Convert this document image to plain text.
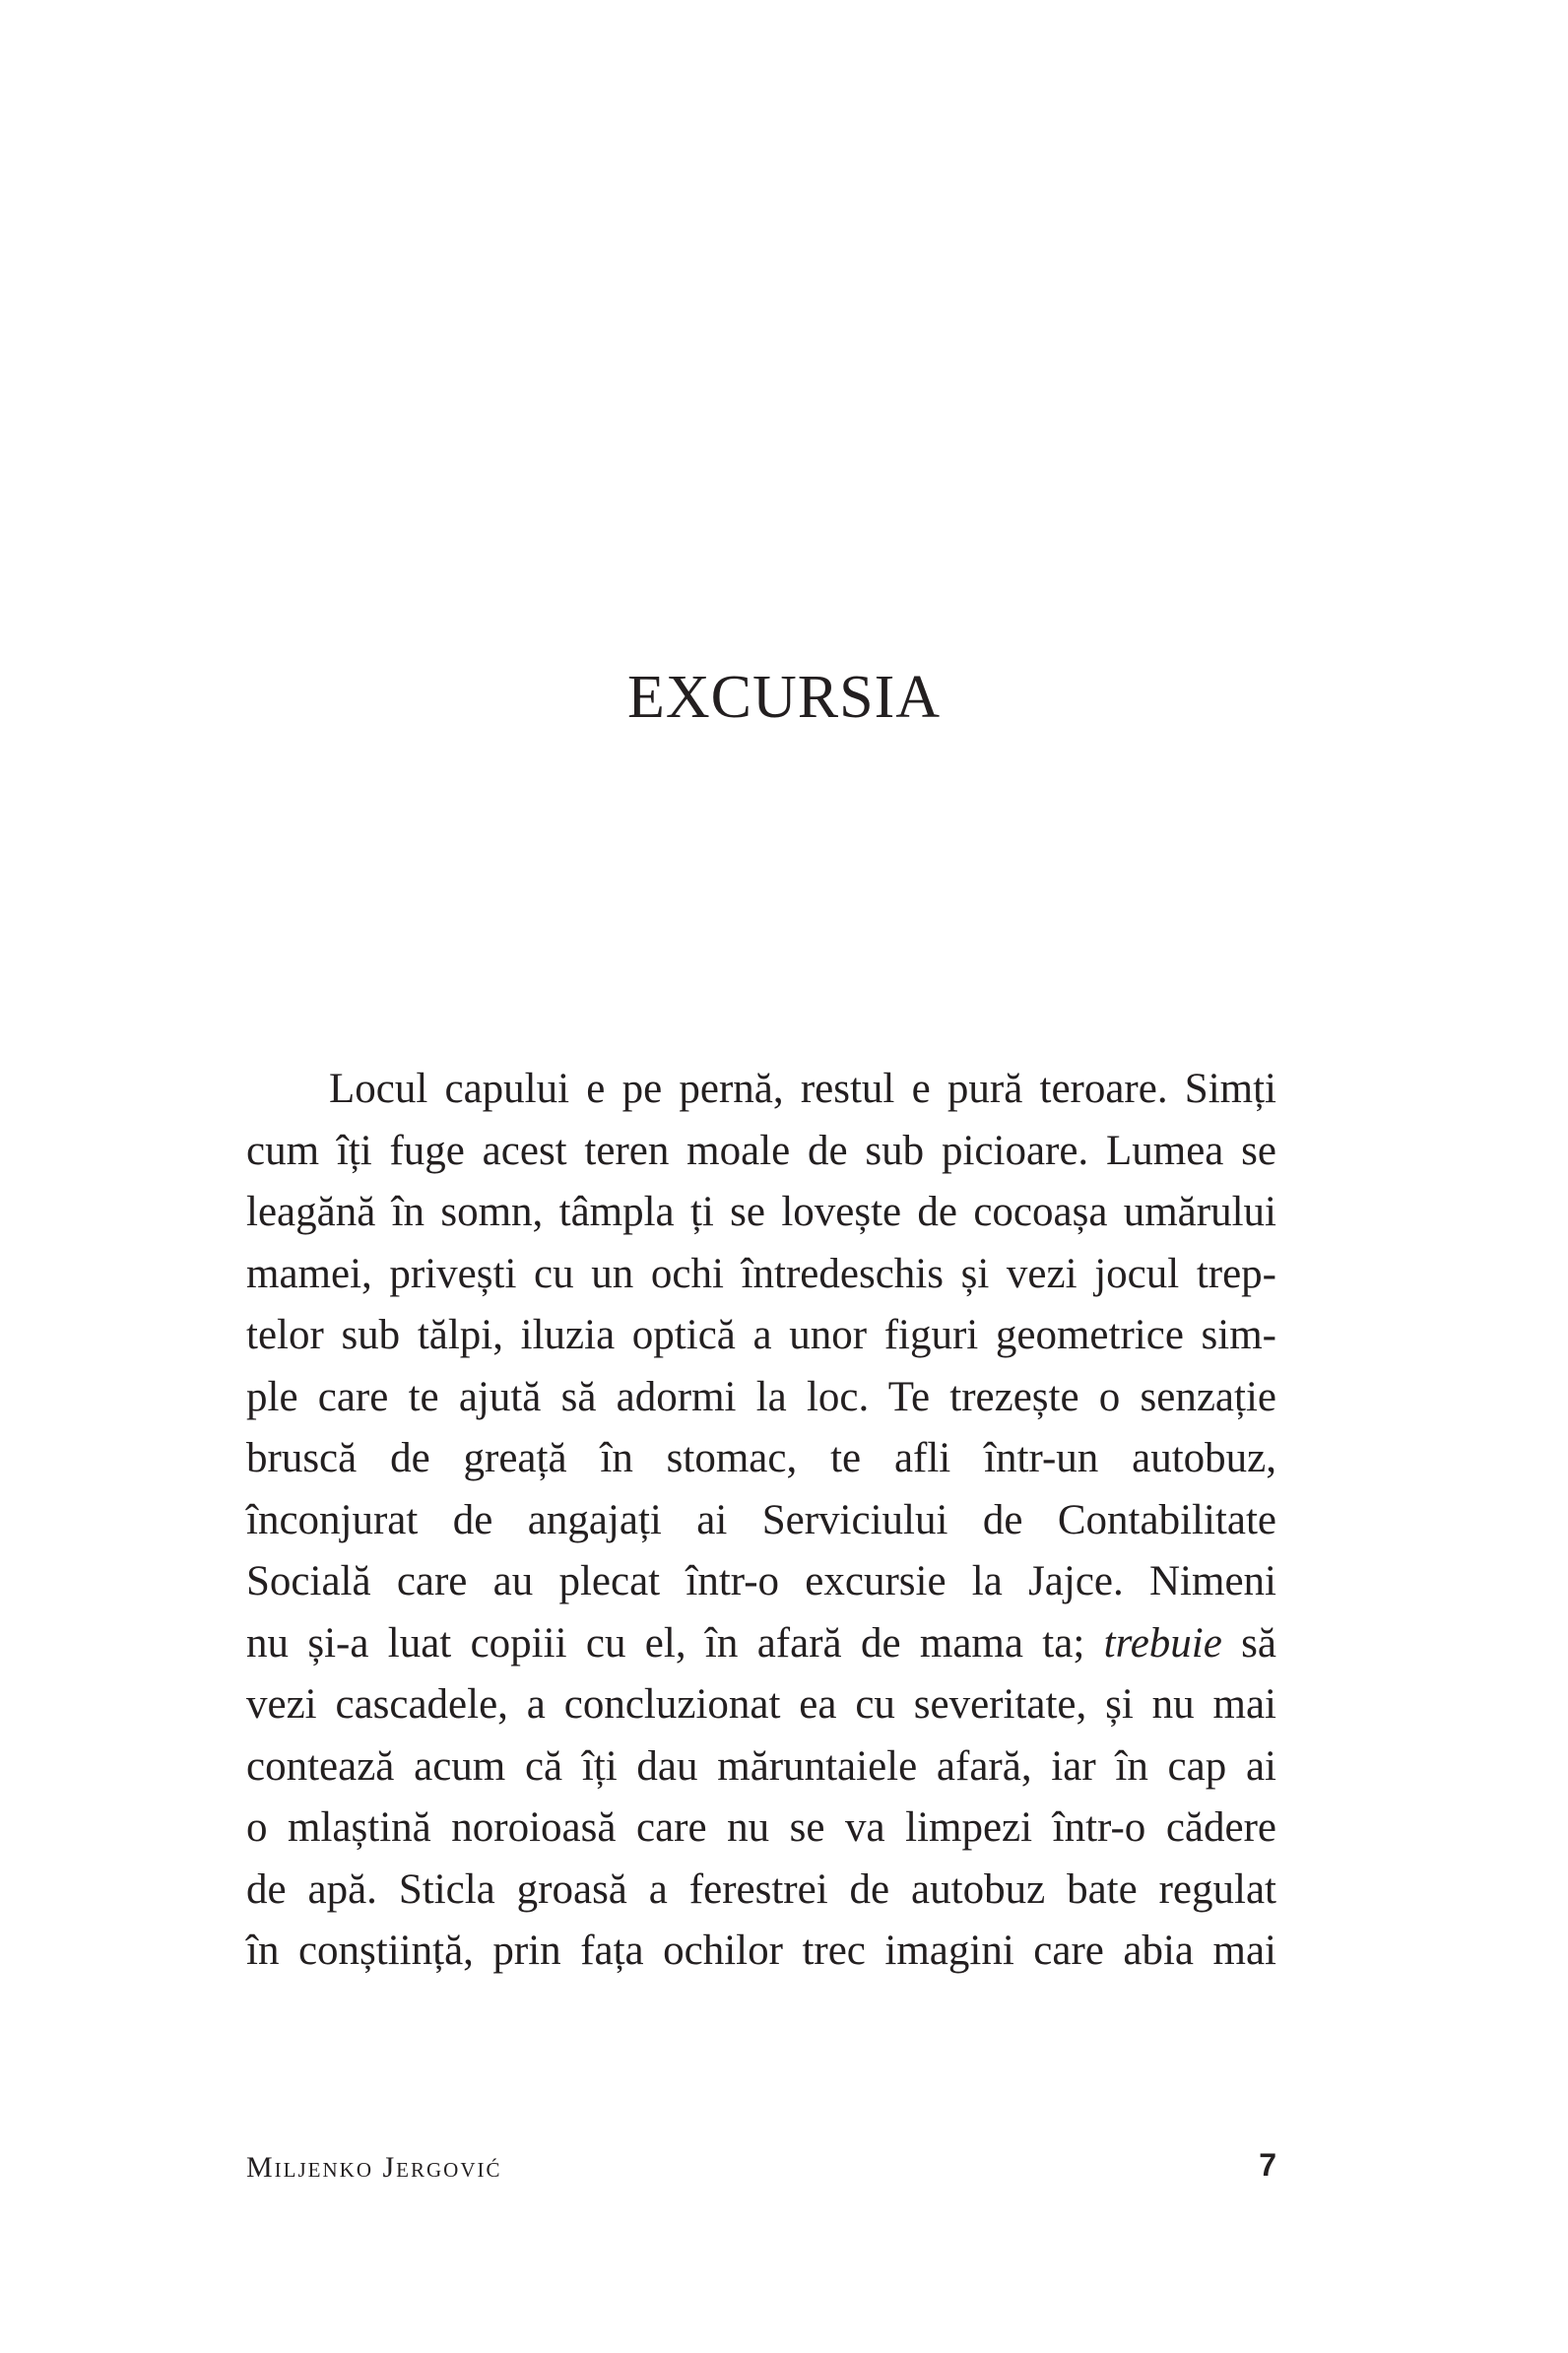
EXCURSIA
Locul capului e pe pernă, restul e pură teroare. Simți
cum îți fuge acest teren moale de sub picioare. Lumea se
leagănă în somn, tâmpla ți se lovește de cocoașa umărului
mamei, privești cu un ochi întredeschis și vezi jocul trep-
telor sub tălpi, iluzia optică a unor figuri geometrice sim-
ple care te ajută să adormi la loc. Te trezește o senzație
bruscă de greață în stomac, te afli într-un autobuz,
înconjurat de angajați ai Serviciului de Contabilitate
Socială care au plecat într-o excursie la Jajce. Nimeni
nu și-a luat copiii cu el, în afară de mama ta; trebuie să
vezi cascadele, a concluzionat ea cu severitate, și nu mai
contează acum că îți dau măruntaiele afară, iar în cap ai
o mlaștină noroioasă care nu se va limpezi într-o cădere
de apă. Sticla groasă a ferestrei de autobuz bate regulat
în conștiință, prin fața ochilor trec imagini care abia mai
Miljenko Jergović	7
